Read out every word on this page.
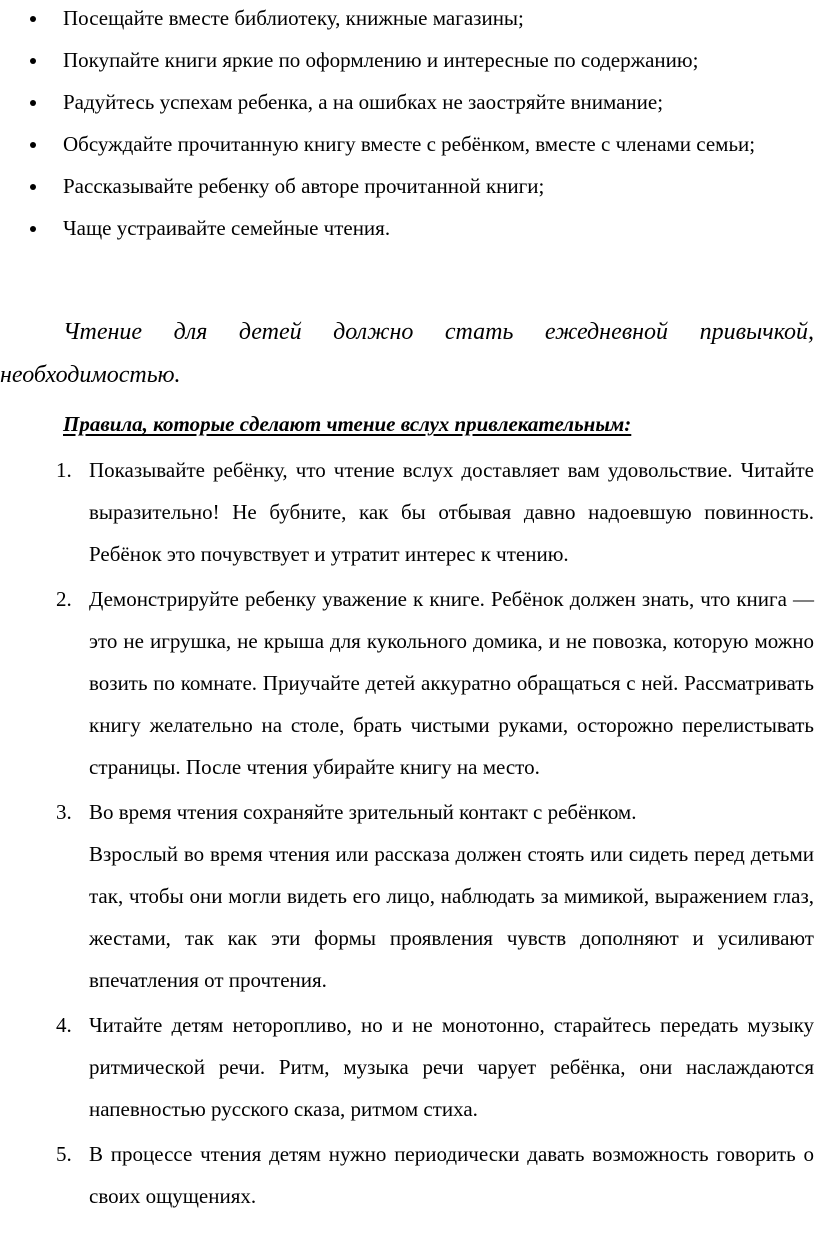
Посещайте вместе библиотеку, книжные магазины;
Покупайте книги яркие по оформлению и интересные по содержанию;
Радуйтесь успехам ребенка, а на ошибках не заостряйте внимание;
Обсуждайте прочитанную книгу вместе с ребёнком, вместе с членами семьи;
Рассказывайте ребенку об авторе прочитанной книги;
Чаще устраивайте семейные чтения.
Чтение для детей должно стать ежедневной привычкой,
необходимостью.
Правила, которые сделают чтение вслух привлекательным:
1. Показывайте ребёнку, что чтение вслух доставляет вам удовольствие. Читайте выразительно! Не бубните, как бы отбывая давно надоевшую повинность. Ребёнок это почувствует и утратит интерес к чтению.

2. Демонстрируйте ребенку уважение к книге. Ребёнок должен знать, что книга — это не игрушка, не крыша для кукольного домика, и не повозка, которую можно возить по комнате. Приучайте детей аккуратно обращаться с ней. Рассматривать книгу желательно на столе, брать чистыми руками, осторожно перелистывать страницы. После чтения убирайте книгу на место.

3. Во время чтения сохраняйте зрительный контакт с ребёнком.

Взрослый во время чтения или рассказа должен стоять или сидеть перед детьми так, чтобы они могли видеть его лицо, наблюдать за мимикой, выражением глаз, жестами, так как эти формы проявления чувств дополняют и усиливают впечатления от прочтения.

4. Читайте детям неторопливо, но и не монотонно, старайтесь передать музыку ритмической речи. Ритм, музыка речи чарует ребёнка, они наслаждаются напевностью русского сказа, ритмом стиха.

5. В процессе чтения детям нужно периодически давать возможность говорить о своих ощущениях.
